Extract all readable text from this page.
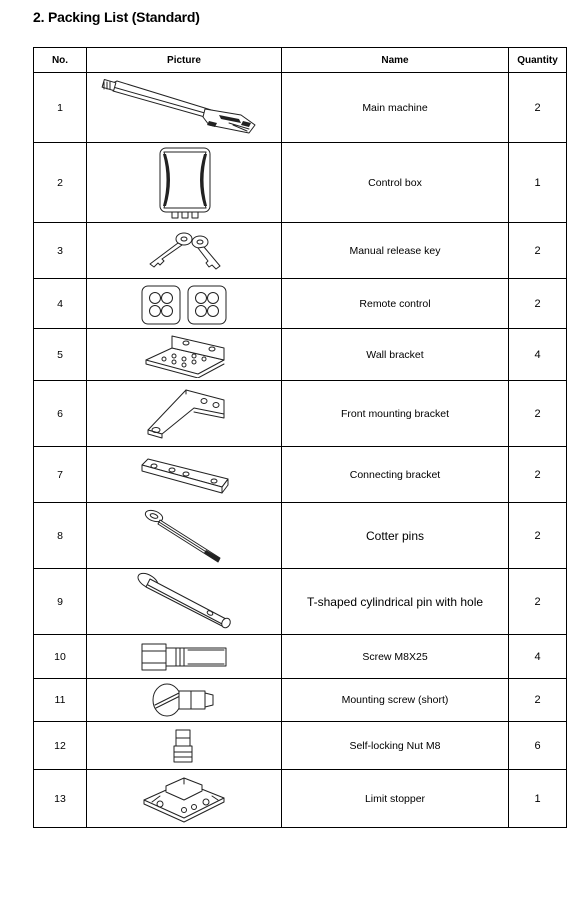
2. Packing List (Standard)
No.	Picture	Name	Quantity
1		Main machine	2
2		Control box	1
3		Manual release key	2
4		Remote control	2
5		Wall bracket	4
6		Front mounting bracket	2
7		Connecting bracket	2
8		Cotter pins	2
9		T-shaped cylindrical pin with hole	2
10		Screw M8X25	4
11		Mounting screw (short)	2
12		Self-locking Nut M8	6
13		Limit stopper	1
